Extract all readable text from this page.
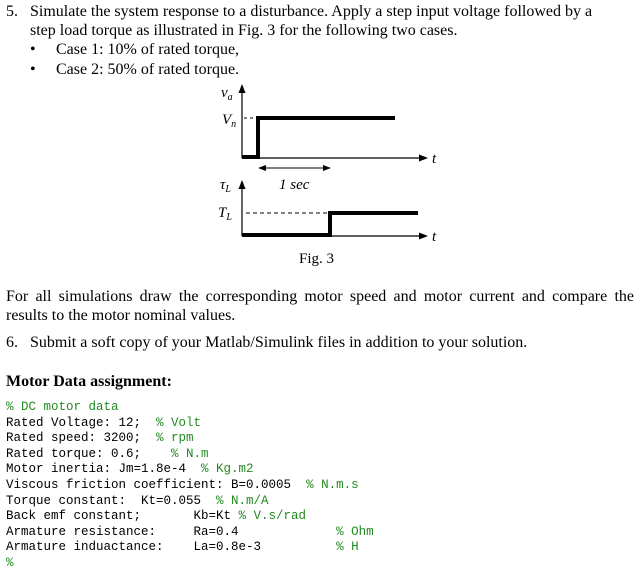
5. Simulate the system response to a disturbance. Apply a step input voltage followed by a
step load torque as illustrated in Fig. 3 for the following two cases.
• Case 1: 10% of rated torque,
• Case 2: 50% of rated torque.
$v_a$
t
$V_n$
1 sec
$\tau_L$
t
$T_L$
Fig. 3
For all simulations draw the corresponding motor speed and motor current and compare the results to the motor nominal values.
6. Submit a soft copy of your Matlab/Simulink files in addition to your solution.
Motor Data assignment:
% DC motor data
Rated Voltage: 12;  % Volt
Rated speed: 3200;  % rpm
Rated torque: 0.6;    % N.m
Motor inertia: Jm=1.8e-4  % Kg.m2
Viscous friction coefficient: B=0.0005  % N.m.s
Torque constant:  Kt=0.055  % N.m/A
Back emf constant;       Kb=Kt % V.s/rad
Armature resistance:     Ra=0.4             % Ohm
Armature induactance:    La=0.8e-3          % H
%
